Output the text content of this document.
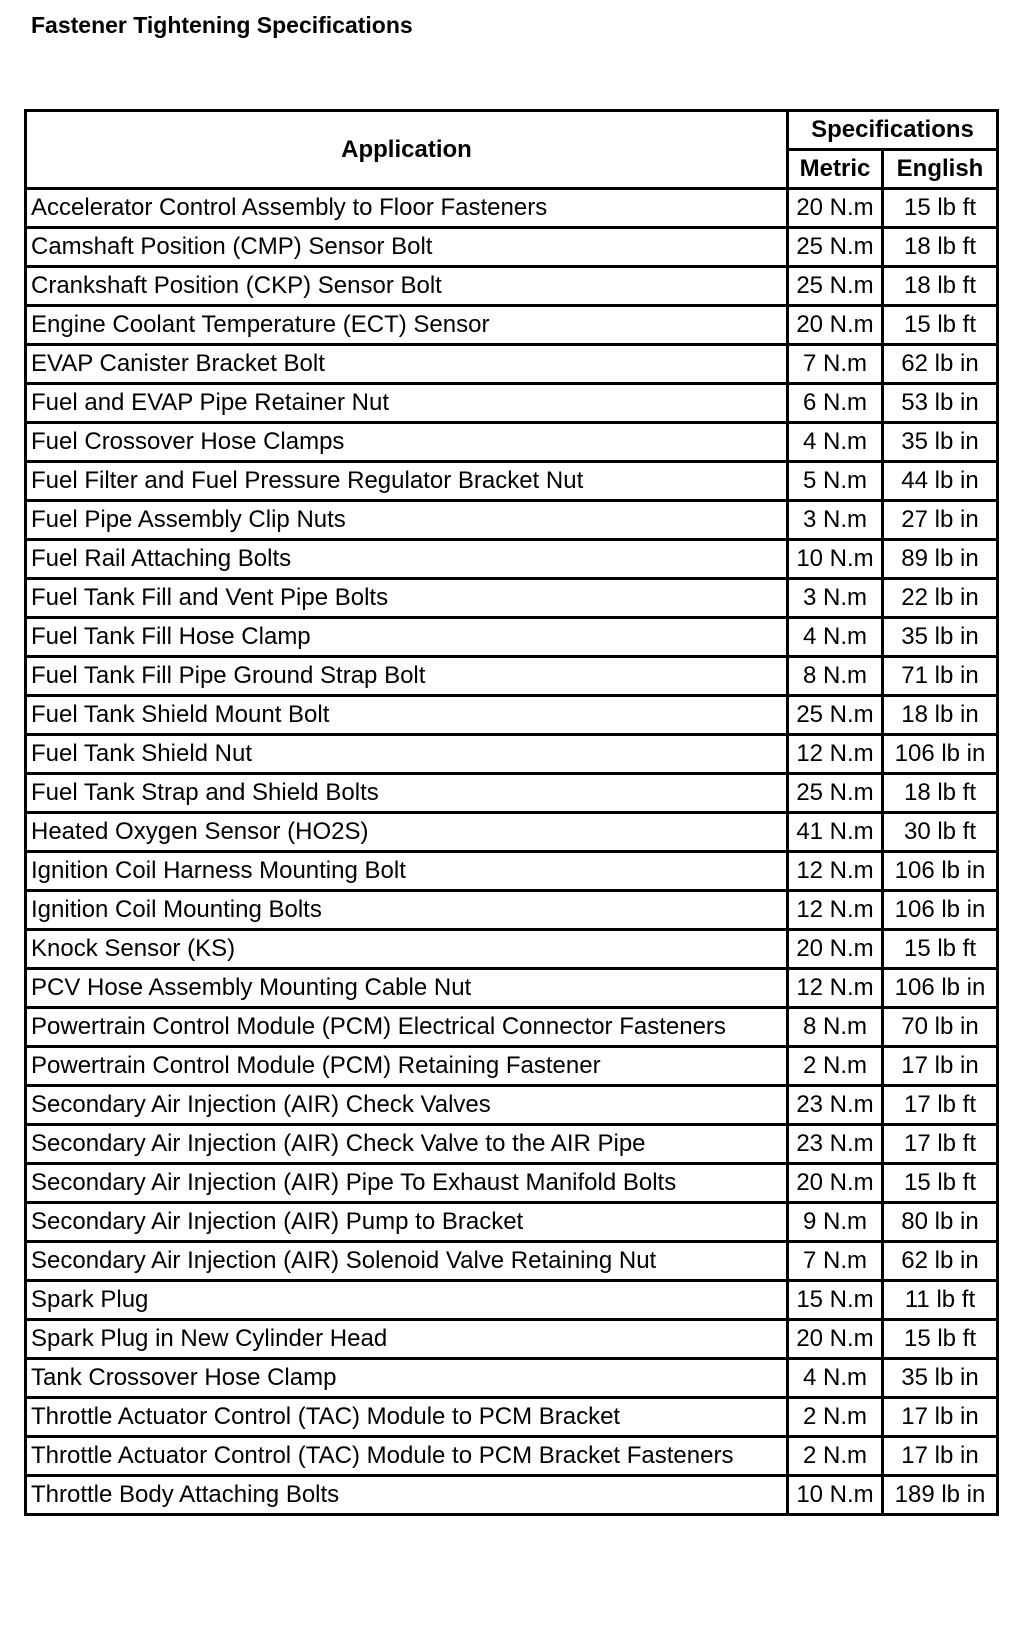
Fastener Tightening Specifications
Application	Specifications	
	Metric	English
Accelerator Control Assembly to Floor Fasteners	20 N.m	15 lb ft
Camshaft Position (CMP) Sensor Bolt	25 N.m	18 lb ft
Crankshaft Position (CKP) Sensor Bolt	25 N.m	18 lb ft
Engine Coolant Temperature (ECT) Sensor	20 N.m	15 lb ft
EVAP Canister Bracket Bolt	7 N.m	62 lb in
Fuel and EVAP Pipe Retainer Nut	6 N.m	53 lb in
Fuel Crossover Hose Clamps	4 N.m	35 lb in
Fuel Filter and Fuel Pressure Regulator Bracket Nut	5 N.m	44 lb in
Fuel Pipe Assembly Clip Nuts	3 N.m	27 lb in
Fuel Rail Attaching Bolts	10 N.m	89 lb in
Fuel Tank Fill and Vent Pipe Bolts	3 N.m	22 lb in
Fuel Tank Fill Hose Clamp	4 N.m	35 lb in
Fuel Tank Fill Pipe Ground Strap Bolt	8 N.m	71 lb in
Fuel Tank Shield Mount Bolt	25 N.m	18 lb in
Fuel Tank Shield Nut	12 N.m	106 lb in
Fuel Tank Strap and Shield Bolts	25 N.m	18 lb ft
Heated Oxygen Sensor (HO2S)	41 N.m	30 lb ft
Ignition Coil Harness Mounting Bolt	12 N.m	106 lb in
Ignition Coil Mounting Bolts	12 N.m	106 lb in
Knock Sensor (KS)	20 N.m	15 lb ft
PCV Hose Assembly Mounting Cable Nut	12 N.m	106 lb in
Powertrain Control Module (PCM) Electrical Connector Fasteners	8 N.m	70 lb in
Powertrain Control Module (PCM) Retaining Fastener	2 N.m	17 lb in
Secondary Air Injection (AIR) Check Valves	23 N.m	17 lb ft
Secondary Air Injection (AIR) Check Valve to the AIR Pipe	23 N.m	17 lb ft
Secondary Air Injection (AIR) Pipe To Exhaust Manifold Bolts	20 N.m	15 lb ft
Secondary Air Injection (AIR) Pump to Bracket	9 N.m	80 lb in
Secondary Air Injection (AIR) Solenoid Valve Retaining Nut	7 N.m	62 lb in
Spark Plug	15 N.m	11 lb ft
Spark Plug in New Cylinder Head	20 N.m	15 lb ft
Tank Crossover Hose Clamp	4 N.m	35 lb in
Throttle Actuator Control (TAC) Module to PCM Bracket	2 N.m	17 lb in
Throttle Actuator Control (TAC) Module to PCM Bracket Fasteners	2 N.m	17 lb in
Throttle Body Attaching Bolts	10 N.m	189 lb in
